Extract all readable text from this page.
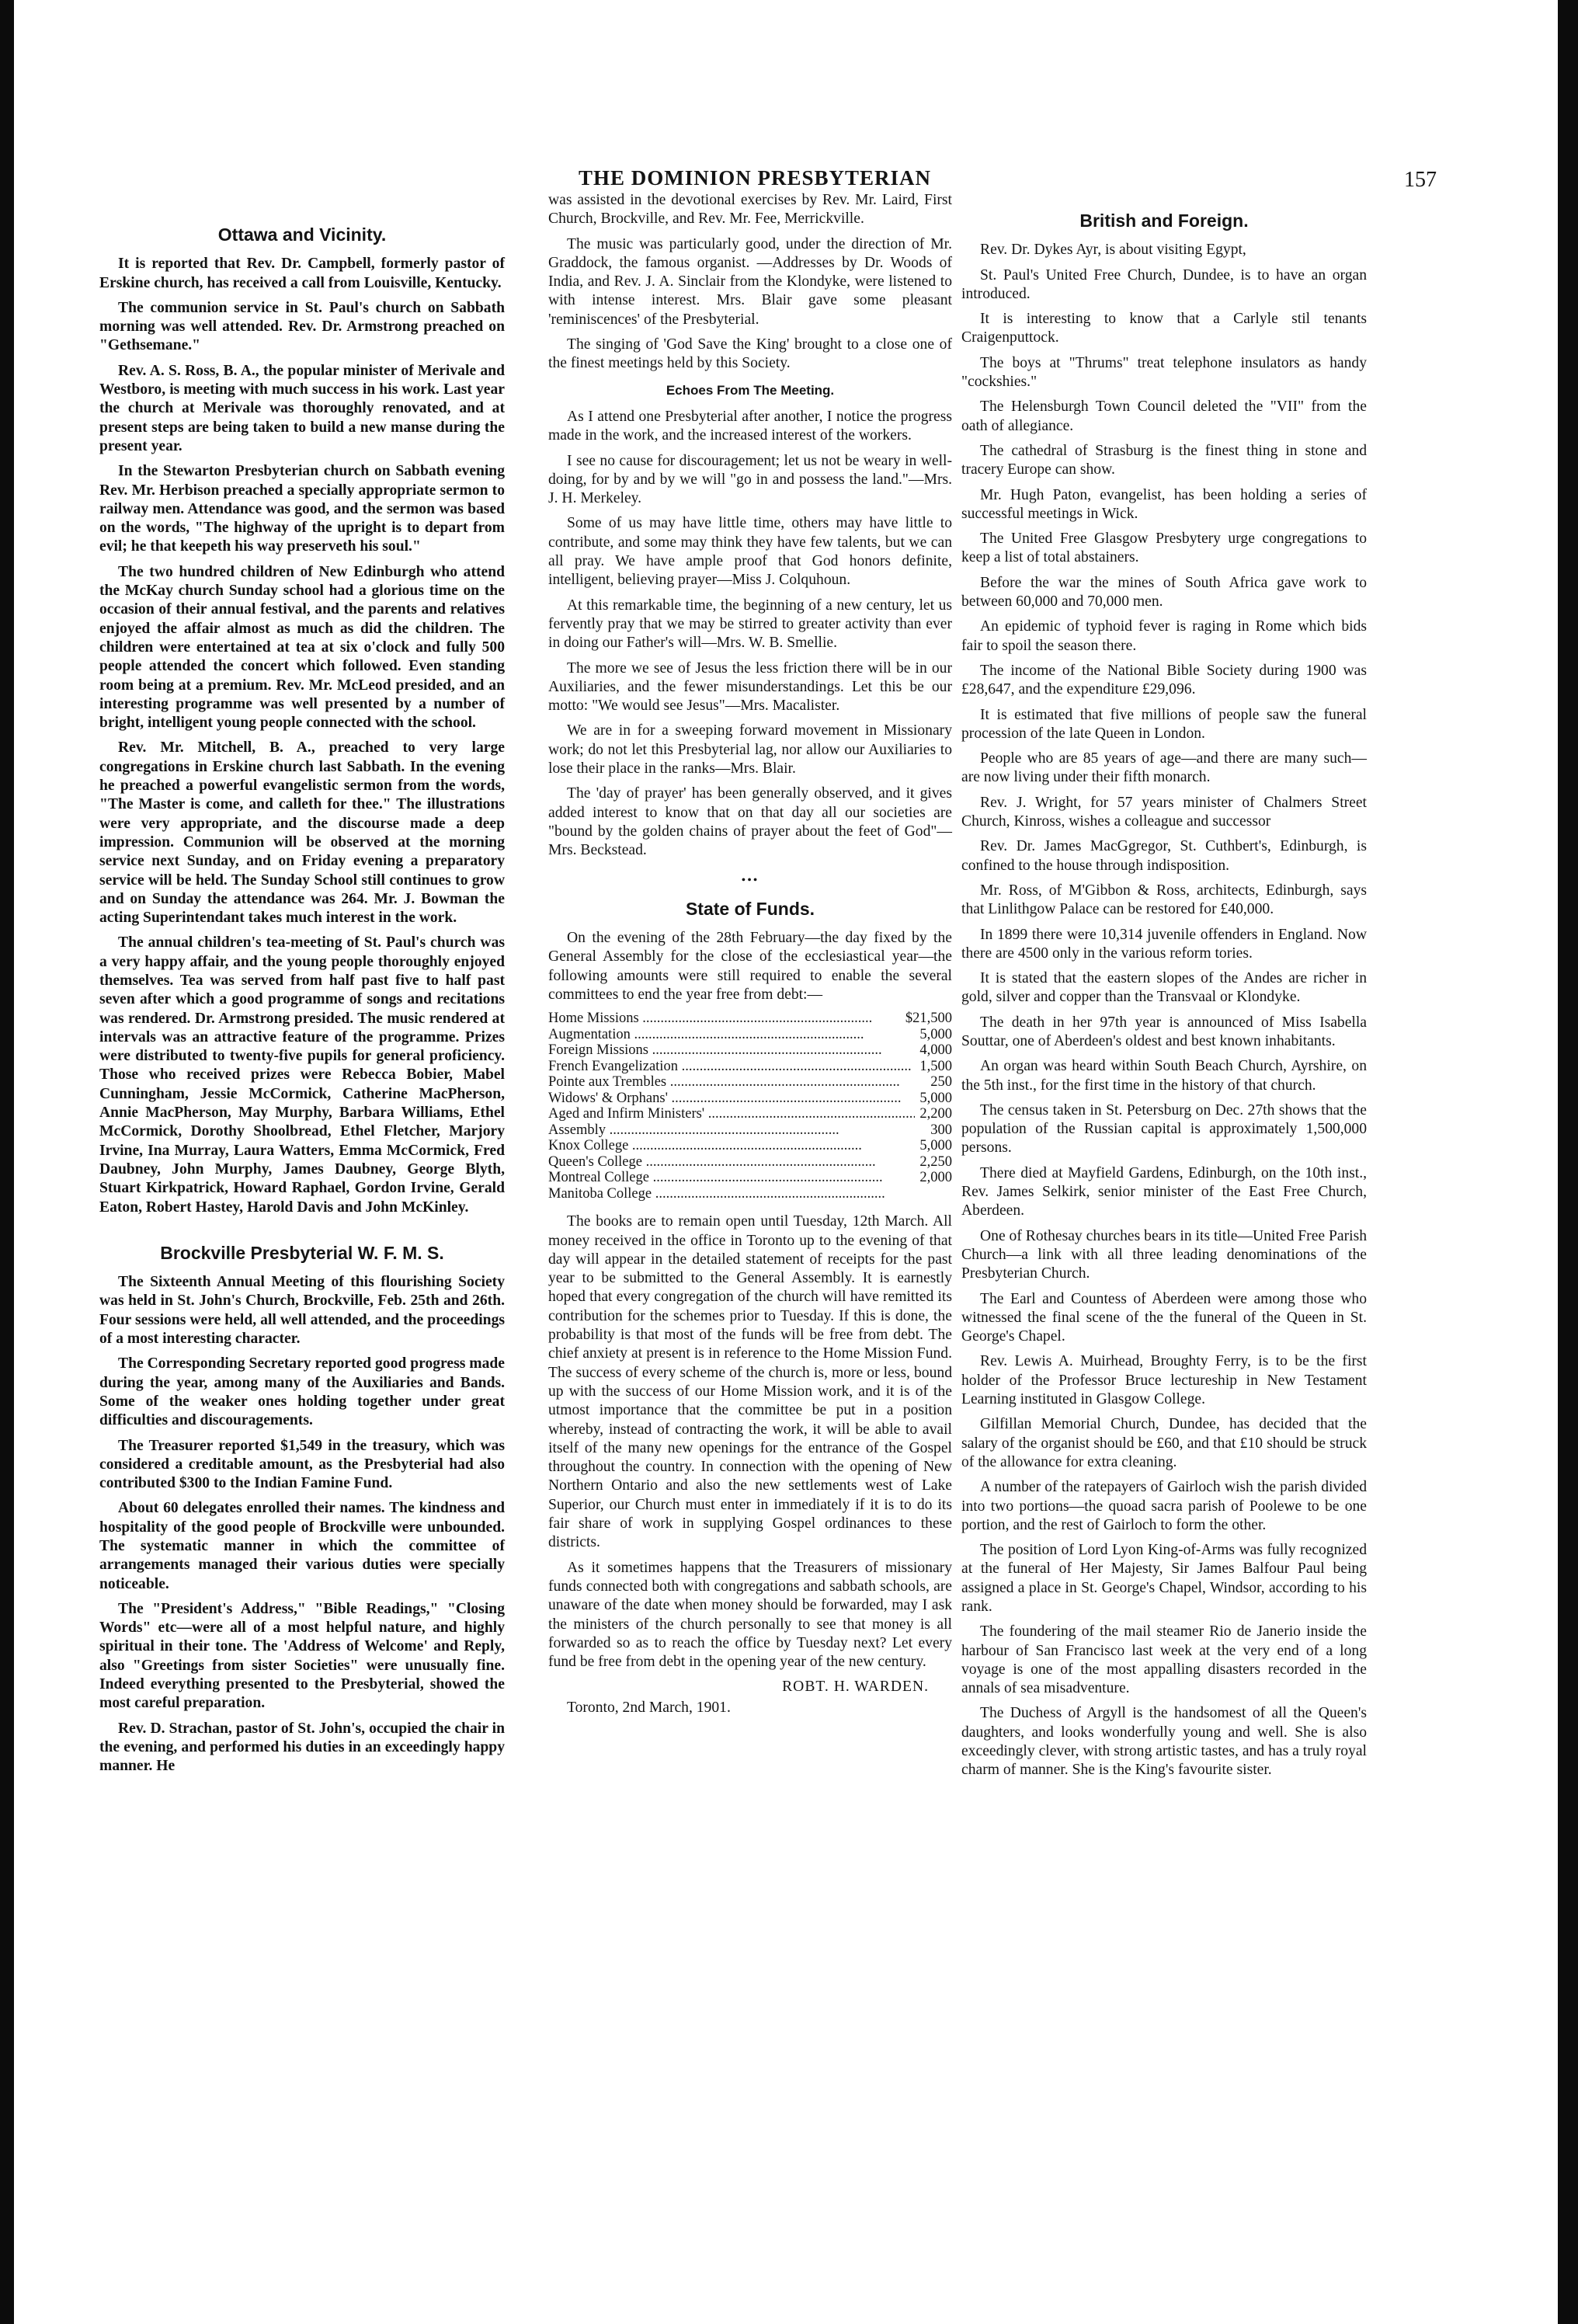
THE DOMINION PRESBYTERIAN	157
Ottawa and Vicinity.

It is reported that Rev. Dr. Campbell, formerly pastor of Erskine church, has received a call from Louisville, Kentucky.

The communion service in St. Paul's church on Sabbath morning was well attended. Rev. Dr. Armstrong preached on "Gethsemane."

Rev. A. S. Ross, B. A., the popular minister of Merivale and Westboro, is meeting with much success in his work. Last year the church at Merivale was thoroughly renovated, and at present steps are being taken to build a new manse during the present year.

In the Stewarton Presbyterian church on Sabbath evening Rev. Mr. Herbison preached a specially appropriate sermon to railway men. Attendance was good, and the sermon was based on the words, "The highway of the upright is to depart from evil; he that keepeth his way preserveth his soul."

The two hundred children of New Edinburgh who attend the McKay church Sunday school had a glorious time on the occasion of their annual festival, and the parents and relatives enjoyed the affair almost as much as did the children. The children were entertained at tea at six o'clock and fully 500 people attended the concert which followed. Even standing room being at a premium. Rev. Mr. McLeod presided, and an interesting programme was well presented by a number of bright, intelligent young people connected with the school.

Rev. Mr. Mitchell, B. A., preached to very large congregations in Erskine church last Sabbath. In the evening he preached a powerful evangelistic sermon from the words, "The Master is come, and calleth for thee." The illustrations were very appropriate, and the discourse made a deep impression. Communion will be observed at the morning service next Sunday, and on Friday evening a preparatory service will be held. The Sunday School still continues to grow and on Sunday the attendance was 264. Mr. J. Bowman the acting Superintendant takes much interest in the work.

The annual children's tea-meeting of St. Paul's church was a very happy affair, and the young people thoroughly enjoyed themselves. Tea was served from half past five to half past seven after which a good programme of songs and recitations was rendered. Dr. Armstrong presided. The music rendered at intervals was an attractive feature of the programme. Prizes were distributed to twenty-five pupils for general proficiency. Those who received prizes were Rebecca Bobier, Mabel Cunningham, Jessie McCormick, Catherine MacPherson, Annie MacPherson, May Murphy, Barbara Williams, Ethel McCormick, Dorothy Shoolbread, Ethel Fletcher, Marjory Irvine, Ina Murray, Laura Watters, Emma McCormick, Fred Daubney, John Murphy, James Daubney, George Blyth, Stuart Kirkpatrick, Howard Raphael, Gordon Irvine, Gerald Eaton, Robert Hastey, Harold Davis and John McKinley.

Brockville Presbyterial W. F. M. S.

The Sixteenth Annual Meeting of this flourishing Society was held in St. John's Church, Brockville, Feb. 25th and 26th. Four sessions were held, all well attended, and the proceedings of a most interesting character.

The Corresponding Secretary reported good progress made during the year, among many of the Auxiliaries and Bands. Some of the weaker ones holding together under great difficulties and discouragements.

The Treasurer reported $1,549 in the treasury, which was considered a creditable amount, as the Presbyterial had also contributed $300 to the Indian Famine Fund.

About 60 delegates enrolled their names. The kindness and hospitality of the good people of Brockville were unbounded. The systematic manner in which the committee of arrangements managed their various duties were specially noticeable.

The "President's Address," "Bible Readings," "Closing Words" etc—were all of a most helpful nature, and highly spiritual in their tone. The 'Address of Welcome' and Reply, also "Greetings from sister Societies" were unusually fine. Indeed everything presented to the Presbyterial, showed the most careful preparation.

Rev. D. Strachan, pastor of St. John's, occupied the chair in the evening, and performed his duties in an exceedingly happy manner. He

was assisted in the devotional exercises by Rev. Mr. Laird, First Church, Brockville, and Rev. Mr. Fee, Merrickville.

The music was particularly good, under the direction of Mr. Graddock, the famous organist. —Addresses by Dr. Woods of India, and Rev. J. A. Sinclair from the Klondyke, were listened to with intense interest. Mrs. Blair gave some pleasant 'reminiscences' of the Presbyterial.

The singing of 'God Save the King' brought to a close one of the finest meetings held by this Society.

Echoes From The Meeting.

As I attend one Presbyterial after another, I notice the progress made in the work, and the increased interest of the workers.

I see no cause for discouragement; let us not be weary in well-doing, for by and by we will "go in and possess the land."—Mrs. J. H. Merkeley.

Some of us may have little time, others may have little to contribute, and some may think they have few talents, but we can all pray. We have ample proof that God honors definite, intelligent, believing prayer—Miss J. Colquhoun.

At this remarkable time, the beginning of a new century, let us fervently pray that we may be stirred to greater activity than ever in doing our Father's will—Mrs. W. B. Smellie.

The more we see of Jesus the less friction there will be in our Auxiliaries, and the fewer misunderstandings. Let this be our motto: "We would see Jesus"—Mrs. Macalister.

We are in for a sweeping forward movement in Missionary work; do not let this Presbyterial lag, nor allow our Auxiliaries to lose their place in the ranks—Mrs. Blair.

The 'day of prayer' has been generally observed, and it gives added interest to know that on that day all our societies are "bound by the golden chains of prayer about the feet of God"—Mrs. Beckstead.

•••
State of Funds.

On the evening of the 28th February—the day fixed by the General Assembly for the close of the ecclesiastical year—the following amounts were still required to enable the several committees to end the year free from debt:—

Home Missions .....	$21,500
Augmentation .....	5,000
Foreign Missions .....	4,000
French Evangelization .....	1,500
Pointe aux Trembles .....	250
Widows' & Orphans' .....	5,000
Aged and Infirm Ministers' .....	2,200
Assembly .....	300
Knox College .....	5,000
Queen's College .....	2,250
Montreal College .....	2,000
Manitoba College .....

The books are to remain open until Tuesday, 12th March. All money received in the office in Toronto up to the evening of that day will appear in the detailed statement of receipts for the past year to be submitted to the General Assembly. It is earnestly hoped that every congregation of the church will have remitted its contribution for the schemes prior to Tuesday. If this is done, the probability is that most of the funds will be free from debt. The chief anxiety at present is in reference to the Home Mission Fund. The success of every scheme of the church is, more or less, bound up with the success of our Home Mission work, and it is of the utmost importance that the committee be put in a position whereby, instead of contracting the work, it will be able to avail itself of the many new openings for the entrance of the Gospel throughout the country. In connection with the opening of New Northern Ontario and also the new settlements west of Lake Superior, our Church must enter in immediately if it is to do its fair share of work in supplying Gospel ordinances to these districts.

As it sometimes happens that the Treasurers of missionary funds connected both with congregations and sabbath schools, are unaware of the date when money should be forwarded, may I ask the ministers of the church personally to see that money is all forwarded so as to reach the office by Tuesday next? Let every fund be free from debt in the opening year of the new century.

ROBT. H. WARDEN.

Toronto, 2nd March, 1901.

British and Foreign.

Rev. Dr. Dykes Ayr, is about visiting Egypt,

St. Paul's United Free Church, Dundee, is to have an organ introduced.

It is interesting to know that a Carlyle stil tenants Craigenputtock.

The boys at "Thrums" treat telephone insulators as handy "cockshies."

The Helensburgh Town Council deleted the "VII" from the oath of allegiance.

The cathedral of Strasburg is the finest thing in stone and tracery Europe can show.

Mr. Hugh Paton, evangelist, has been holding a series of successful meetings in Wick.

The United Free Glasgow Presbytery urge congregations to keep a list of total abstainers.

Before the war the mines of South Africa gave work to between 60,000 and 70,000 men.

An epidemic of typhoid fever is raging in Rome which bids fair to spoil the season there.

The income of the National Bible Society during 1900 was £28,647, and the expenditure £29,096.

It is estimated that five millions of people saw the funeral procession of the late Queen in London.

People who are 85 years of age—and there are many such—are now living under their fifth monarch.

Rev. J. Wright, for 57 years minister of Chalmers Street Church, Kinross, wishes a colleague and successor

Rev. Dr. James MacGgregor, St. Cuthbert's, Edinburgh, is confined to the house through indisposition.

Mr. Ross, of M'Gibbon & Ross, architects, Edinburgh, says that Linlithgow Palace can be restored for £40,000.

In 1899 there were 10,314 juvenile offenders in England. Now there are 4500 only in the various reform tories.

It is stated that the eastern slopes of the Andes are richer in gold, silver and copper than the Transvaal or Klondyke.

The death in her 97th year is announced of Miss Isabella Souttar, one of Aberdeen's oldest and best known inhabitants.

An organ was heard within South Beach Church, Ayrshire, on the 5th inst., for the first time in the history of that church.

The census taken in St. Petersburg on Dec. 27th shows that the population of the Russian capital is approximately 1,500,000 persons.

There died at Mayfield Gardens, Edinburgh, on the 10th inst., Rev. James Selkirk, senior minister of the East Free Church, Aberdeen.

One of Rothesay churches bears in its title—United Free Parish Church—a link with all three leading denominations of the Presbyterian Church.

The Earl and Countess of Aberdeen were among those who witnessed the final scene of the the funeral of the Queen in St. George's Chapel.

Rev. Lewis A. Muirhead, Broughty Ferry, is to be the first holder of the Professor Bruce lectureship in New Testament Learning instituted in Glasgow College.

Gilfillan Memorial Church, Dundee, has decided that the salary of the organist should be £60, and that £10 should be struck of the allowance for extra cleaning.

A number of the ratepayers of Gairloch wish the parish divided into two portions—the quoad sacra parish of Poolewe to be one portion, and the rest of Gairloch to form the other.

The position of Lord Lyon King-of-Arms was fully recognized at the funeral of Her Majesty, Sir James Balfour Paul being assigned a place in St. George's Chapel, Windsor, according to his rank.

The foundering of the mail steamer Rio de Janerio inside the harbour of San Francisco last week at the very end of a long voyage is one of the most appalling disasters recorded in the annals of sea misadventure.

The Duchess of Argyll is the handsomest of all the Queen's daughters, and looks wonderfully young and well. She is also exceedingly clever, with strong artistic tastes, and has a truly royal charm of manner. She is the King's favourite sister.
